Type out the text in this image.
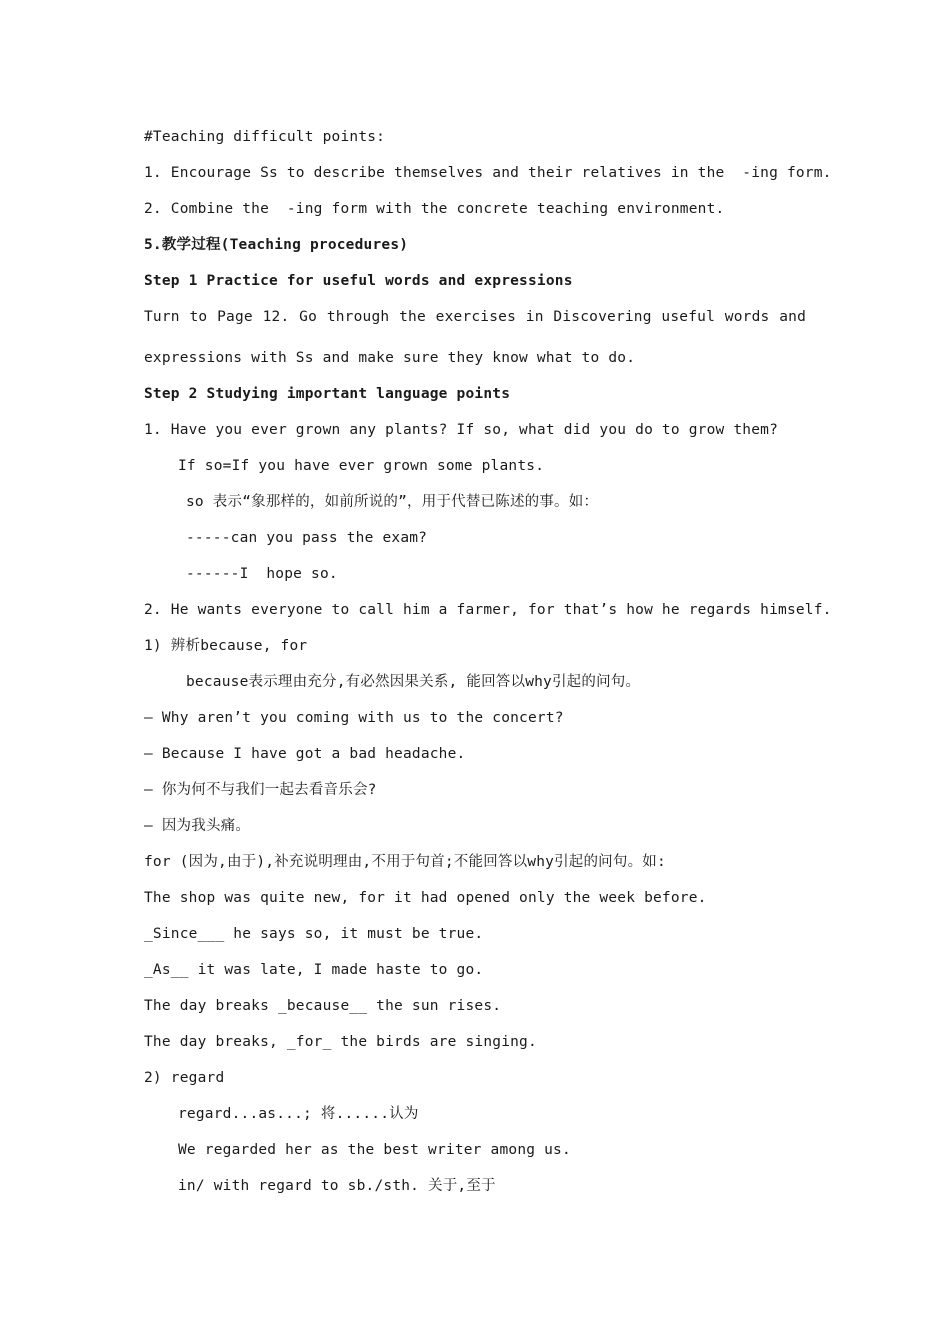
#Teaching difficult points:
1. Encourage Ss to describe themselves and their relatives in the  -ing form.
2. Combine the  -ing form with the concrete teaching environment.
5.教学过程(Teaching procedures)
Step 1 Practice for useful words and expressions
Turn to Page 12. Go through the exercises in Discovering useful words and
expressions with Ss and make sure they know what to do.
Step 2 Studying important language points
1. Have you ever grown any plants? If so, what did you do to grow them?
If so=If you have ever grown some plants.
so 表示“象那样的，如前所说的”，用于代替已陈述的事。如：
-----can you pass the exam?
------I  hope so.
2. He wants everyone to call him a farmer, for that’s how he regards himself.
1) 辨析because, for
because表示理由充分,有必然因果关系, 能回答以why引起的问句。
— Why aren’t you coming with us to the concert?
— Because I have got a bad headache.
— 你为何不与我们一起去看音乐会?
— 因为我头痛。
for (因为,由于),补充说明理由,不用于句首;不能回答以why引起的问句。如:
The shop was quite new, for it had opened only the week before.
_Since___ he says so, it must be true.
_As__ it was late, I made haste to go.
The day breaks _because__ the sun rises.
The day breaks, _for_ the birds are singing.
2) regard
regard...as...; 将......认为
We regarded her as the best writer among us.
in/ with regard to sb./sth. 关于,至于
